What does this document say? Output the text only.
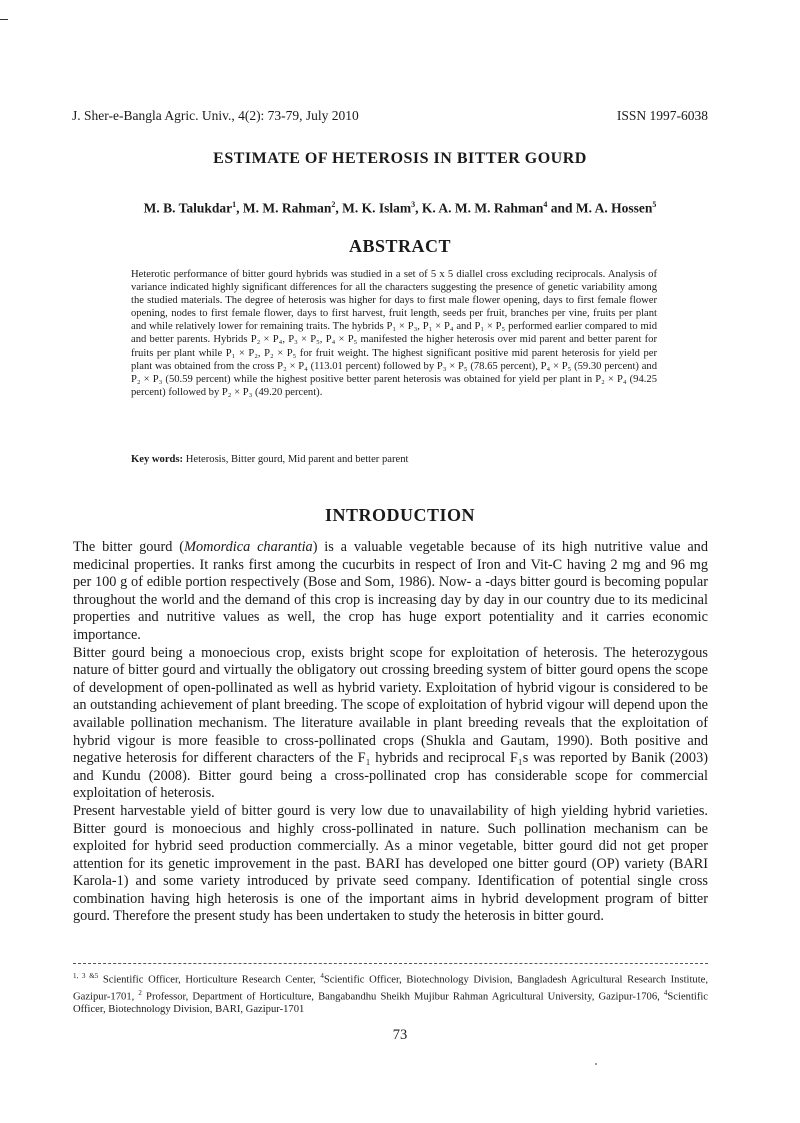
J. Sher-e-Bangla Agric. Univ., 4(2): 73-79, July 2010	ISSN 1997-6038
ESTIMATE OF HETEROSIS IN BITTER GOURD
M. B. Talukdar$^1$, M. M. Rahman$^2$, M. K. Islam$^3$, K. A. M. M. Rahman$^4$ and M. A. Hossen$^5$
ABSTRACT

Heterotic performance of bitter gourd hybrids was studied in a set of 5 x 5 diallel cross excluding reciprocals. Analysis of variance indicated highly significant differences for all the characters suggesting the presence of genetic variability among the studied materials. The degree of heterosis was higher for days to first male flower opening, days to first female flower opening, nodes to first female flower, days to first harvest, fruit length, seeds per fruit, branches per vine, fruits per plant and while relatively lower for remaining traits. The hybrids P₁ × P₃, P₁ × P₄ and P₁ × P₅ performed earlier compared to mid and better parents. Hybrids P₂ × P₄, P₃ × P₅, P₄ × P₅ manifested the higher heterosis over mid parent and better parent for fruits per plant while P₁ × P₂, P₂ × P₅ for fruit weight. The highest significant positive mid parent heterosis for yield per plant was obtained from the cross P₂ × P₄ (113.01 percent) followed by P₃ × P₅ (78.65 percent), P₄ × P₅ (59.30 percent) and P₂ × P₃ (50.59 percent) while the highest positive better parent heterosis was obtained for yield per plant in P₂ × P₄ (94.25 percent) followed by P₂ × P₃ (49.20 percent).

Key words: Heterosis, Bitter gourd, Mid parent and better parent

INTRODUCTION

The bitter gourd (Momordica charantia) is a valuable vegetable because of its high nutritive value and medicinal properties. It ranks first among the cucurbits in respect of Iron and Vit-C having 2 mg and 96 mg per 100 g of edible portion respectively (Bose and Som, 1986). Now- a -days bitter gourd is becoming popular throughout the world and the demand of this crop is increasing day by day in our country due to its medicinal properties and nutritive values as well, the crop has huge export potentiality and it carries economic importance.

Bitter gourd being a monoecious crop, exists bright scope for exploitation of heterosis. The heterozygous nature of bitter gourd and virtually the obligatory out crossing breeding system of bitter gourd opens the scope of development of open-pollinated as well as hybrid variety. Exploitation of hybrid vigour is considered to be an outstanding achievement of plant breeding. The scope of exploitation of hybrid vigour will depend upon the available pollination mechanism. The literature available in plant breeding reveals that the exploitation of hybrid vigour is more feasible to cross-pollinated crops (Shukla and Gautam, 1990). Both positive and negative heterosis for different characters of the F₁ hybrids and reciprocal F₁s was reported by Banik (2003) and Kundu (2008). Bitter gourd being a cross-pollinated crop has considerable scope for commercial exploitation of heterosis.

Present harvestable yield of bitter gourd is very low due to unavailability of high yielding hybrid varieties. Bitter gourd is monoecious and highly cross-pollinated in nature. Such pollination mechanism can be exploited for hybrid seed production commercially. As a minor vegetable, bitter gourd did not get proper attention for its genetic improvement in the past. BARI has developed one bitter gourd (OP) variety (BARI Karola-1) and some variety introduced by private seed company. Identification of potential single cross combination having high heterosis is one of the important aims in hybrid development program of bitter gourd. Therefore the present study has been undertaken to study the heterosis in bitter gourd.

$^{1, 3 \&5}$ Scientific Officer, Horticulture Research Center, $^4$Scientific Officer, Biotechnology Division, Bangladesh Agricultural Research Institute, Gazipur-1701, $^2$ Professor, Department of Horticulture, Bangabandhu Sheikh Mujibur Rahman Agricultural University, Gazipur-1706, $^4$Scientific Officer, Biotechnology Division, BARI, Gazipur-1701

73
